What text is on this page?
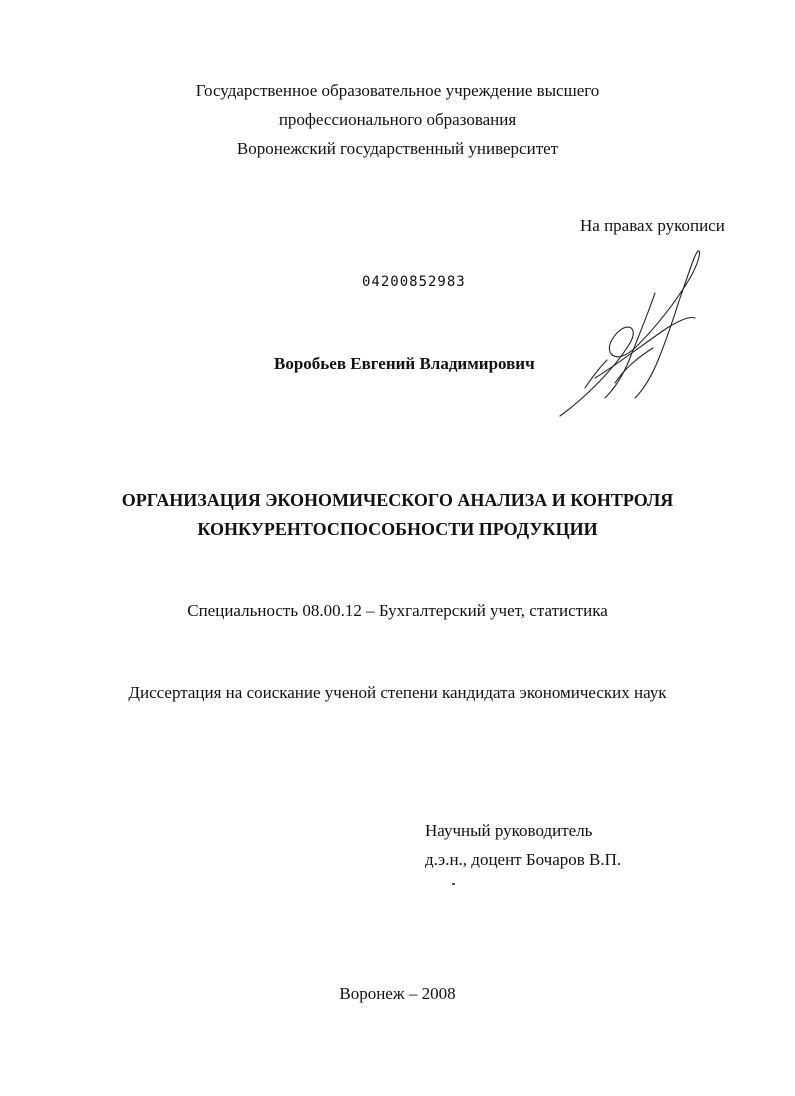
Государственное образовательное учреждение высшего
профессионального образования
Воронежский государственный университет
На правах рукописи
04200852983
Воробьев Евгений Владимирович
ОРГАНИЗАЦИЯ ЭКОНОМИЧЕСКОГО АНАЛИЗА И КОНТРОЛЯ
КОНКУРЕНТОСПОСОБНОСТИ ПРОДУКЦИИ
Специальность 08.00.12 – Бухгалтерский учет, статистика
Диссертация на соискание ученой степени кандидата экономических наук
Научный руководитель
д.э.н., доцент Бочаров В.П.
Воронеж – 2008
